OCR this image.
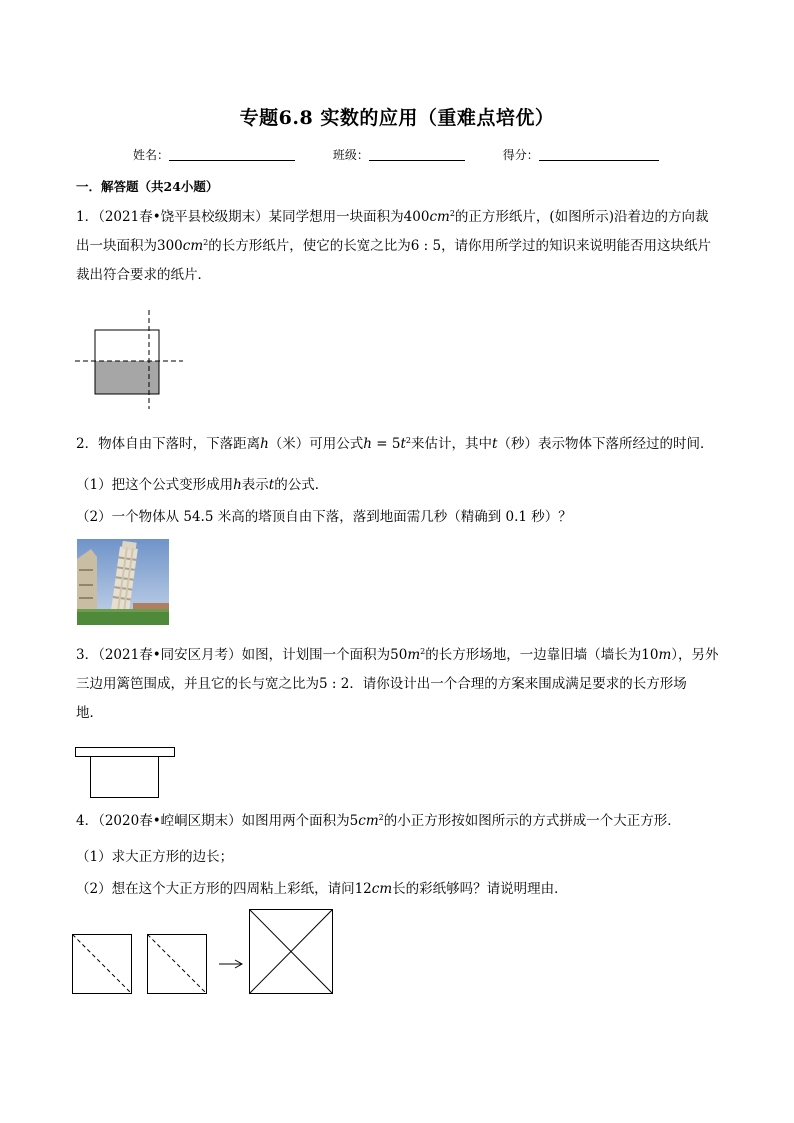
专题6.8 实数的应用（重难点培优）
姓名：	班级：	得分：
一．解答题（共24小题）
1．（2021春•饶平县校级期末）某同学想用一块面积为$400cm^2$的正方形纸片，(如图所示)沿着边的方向裁
出一块面积为$300cm^2$的长方形纸片，使它的长宽之比为6 : 5，请你用所学过的知识来说明能否用这块纸片
裁出符合要求的纸片．
2．物体自由下落时，下落距离h（米）可用公式$h = 5t^2$来估计，其中t（秒）表示物体下落所经过的时间．
（1）把这个公式变形成用h表示t的公式．
（2）一个物体从 54.5 米高的塔顶自由下落，落到地面需几秒（精确到 0.1 秒）？
3．（2021春•同安区月考）如图，计划围一个面积为$50m^2$的长方形场地，一边靠旧墙（墙长为10m），另外
三边用篱笆围成，并且它的长与宽之比为5 : 2．请你设计出一个合理的方案来围成满足要求的长方形场
地．
4．（2020春•崆峒区期末）如图用两个面积为$5cm^2$的小正方形按如图所示的方式拼成一个大正方形．
（1）求大正方形的边长；
（2）想在这个大正方形的四周粘上彩纸，请问12cm长的彩纸够吗？请说明理由．
